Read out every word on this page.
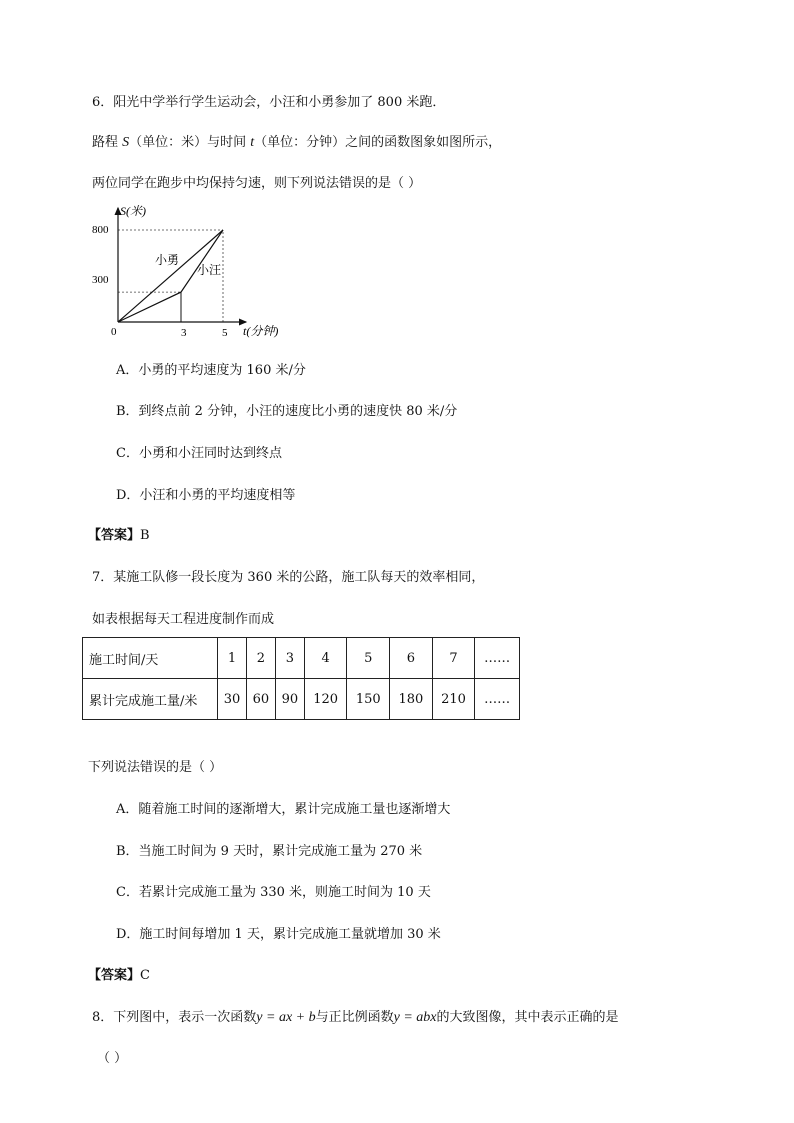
6．阳光中学举行学生运动会，小汪和小勇参加了 800 米跑．
路程 S（单位：米）与时间 t（单位：分钟）之间的函数图象如图所示，
两位同学在跑步中均保持匀速，则下列说法错误的是（ ）
S(米)
t(分钟)
0
800
300
3	5
小勇
小汪
A．小勇的平均速度为 160 米/分
B．到终点前 2 分钟，小汪的速度比小勇的速度快 80 米/分
C．小勇和小汪同时达到终点
D．小汪和小勇的平均速度相等
【答案】B
7．某施工队修一段长度为 360 米的公路，施工队每天的效率相同，
如表根据每天工程进度制作而成
施工时间/天	1	2	3	4	5	6	7	……
累计完成施工量/米	30	60	90	120	150	180	210	……
下列说法错误的是（ ）
A．随着施工时间的逐渐增大，累计完成施工量也逐渐增大
B．当施工时间为 9 天时，累计完成施工量为 270 米
C．若累计完成施工量为 330 米，则施工时间为 10 天
D．施工时间每增加 1 天，累计完成施工量就增加 30 米
【答案】C
8．下列图中，表示一次函数y = ax + b与正比例函数y = abx的大致图像，其中表示正确的是
（ ）
